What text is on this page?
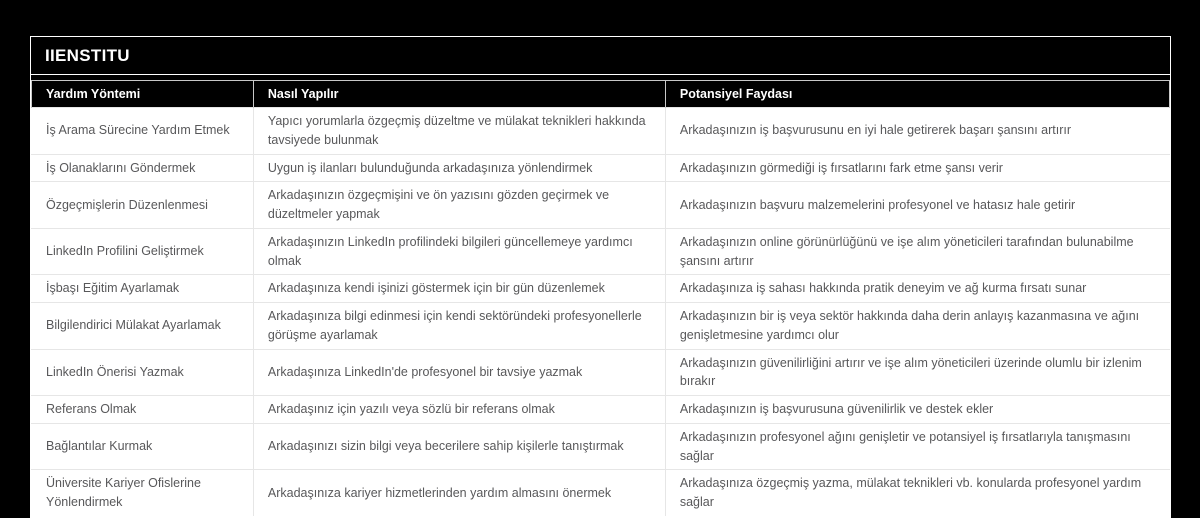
IIENSTITU
Yardım Yöntemi	Nasıl Yapılır	Potansiyel Faydası
İş Arama Sürecine Yardım Etmek	Yapıcı yorumlarla özgeçmiş düzeltme ve mülakat teknikleri hakkında tavsiyede bulunmak	Arkadaşınızın iş başvurusunu en iyi hale getirerek başarı şansını artırır
İş Olanaklarını Göndermek	Uygun iş ilanları bulunduğunda arkadaşınıza yönlendirmek	Arkadaşınızın görmediği iş fırsatlarını fark etme şansı verir
Özgeçmişlerin Düzenlenmesi	Arkadaşınızın özgeçmişini ve ön yazısını gözden geçirmek ve düzeltmeler yapmak	Arkadaşınızın başvuru malzemelerini profesyonel ve hatasız hale getirir
LinkedIn Profilini Geliştirmek	Arkadaşınızın LinkedIn profilindeki bilgileri güncellemeye yardımcı olmak	Arkadaşınızın online görünürlüğünü ve işe alım yöneticileri tarafından bulunabilme şansını artırır
İşbaşı Eğitim Ayarlamak	Arkadaşınıza kendi işinizi göstermek için bir gün düzenlemek	Arkadaşınıza iş sahası hakkında pratik deneyim ve ağ kurma fırsatı sunar
Bilgilendirici Mülakat Ayarlamak	Arkadaşınıza bilgi edinmesi için kendi sektöründeki profesyonellerle görüşme ayarlamak	Arkadaşınızın bir iş veya sektör hakkında daha derin anlayış kazanmasına ve ağını genişletmesine yardımcı olur
LinkedIn Önerisi Yazmak	Arkadaşınıza LinkedIn'de profesyonel bir tavsiye yazmak	Arkadaşınızın güvenilirliğini artırır ve işe alım yöneticileri üzerinde olumlu bir izlenim bırakır
Referans Olmak	Arkadaşınız için yazılı veya sözlü bir referans olmak	Arkadaşınızın iş başvurusuna güvenilirlik ve destek ekler
Bağlantılar Kurmak	Arkadaşınızı sizin bilgi veya becerilere sahip kişilerle tanıştırmak	Arkadaşınızın profesyonel ağını genişletir ve potansiyel iş fırsatlarıyla tanışmasını sağlar
Üniversite Kariyer Ofislerine Yönlendirmek	Arkadaşınıza kariyer hizmetlerinden yardım almasını önermek	Arkadaşınıza özgeçmiş yazma, mülakat teknikleri vb. konularda profesyonel yardım sağlar
